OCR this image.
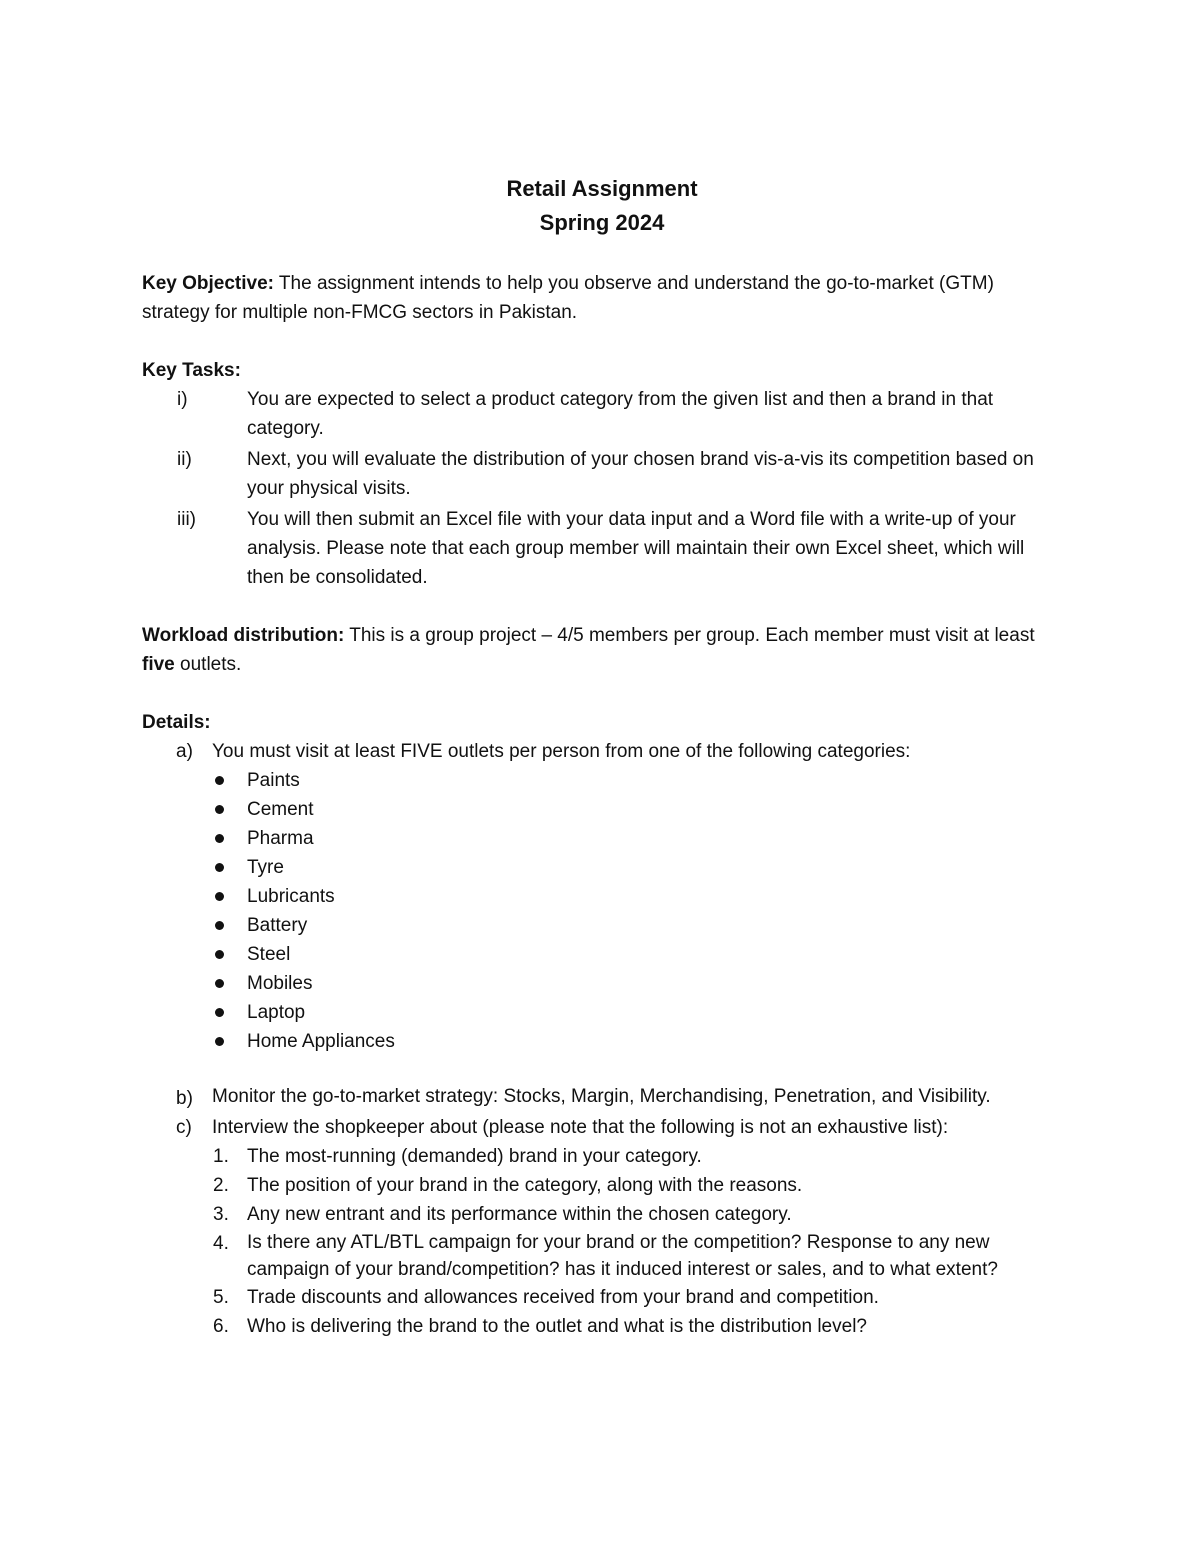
Retail Assignment
Spring 2024

Key Objective: The assignment intends to help you observe and understand the go-to-market (GTM) strategy for multiple non-FMCG sectors in Pakistan.

Key Tasks:

i)	You are expected to select a product category from the given list and then a brand in that category.
ii)	Next, you will evaluate the distribution of your chosen brand vis-a-vis its competition based on your physical visits.
iii)	You will then submit an Excel file with your data input and a Word file with a write-up of your analysis. Please note that each group member will maintain their own Excel sheet, which will then be consolidated.

Workload distribution: This is a group project – 4/5 members per group. Each member must visit at least five outlets.

Details:

a)	You must visit at least FIVE outlets per person from one of the following categories:
Paints
Cement
Pharma
Tyre
Lubricants
Battery
Steel
Mobiles
Laptop
Home Appliances
b)	Monitor the go-to-market strategy: Stocks, Margin, Merchandising, Penetration, and Visibility.
c)	Interview the shopkeeper about (please note that the following is not an exhaustive list):
1. The most-running (demanded) brand in your category.
2. The position of your brand in the category, along with the reasons.
3. Any new entrant and its performance within the chosen category.
4. Is there any ATL/BTL campaign for your brand or the competition? Response to any new campaign of your brand/competition? has it induced interest or sales, and to what extent?
5. Trade discounts and allowances received from your brand and competition.
6. Who is delivering the brand to the outlet and what is the distribution level?
